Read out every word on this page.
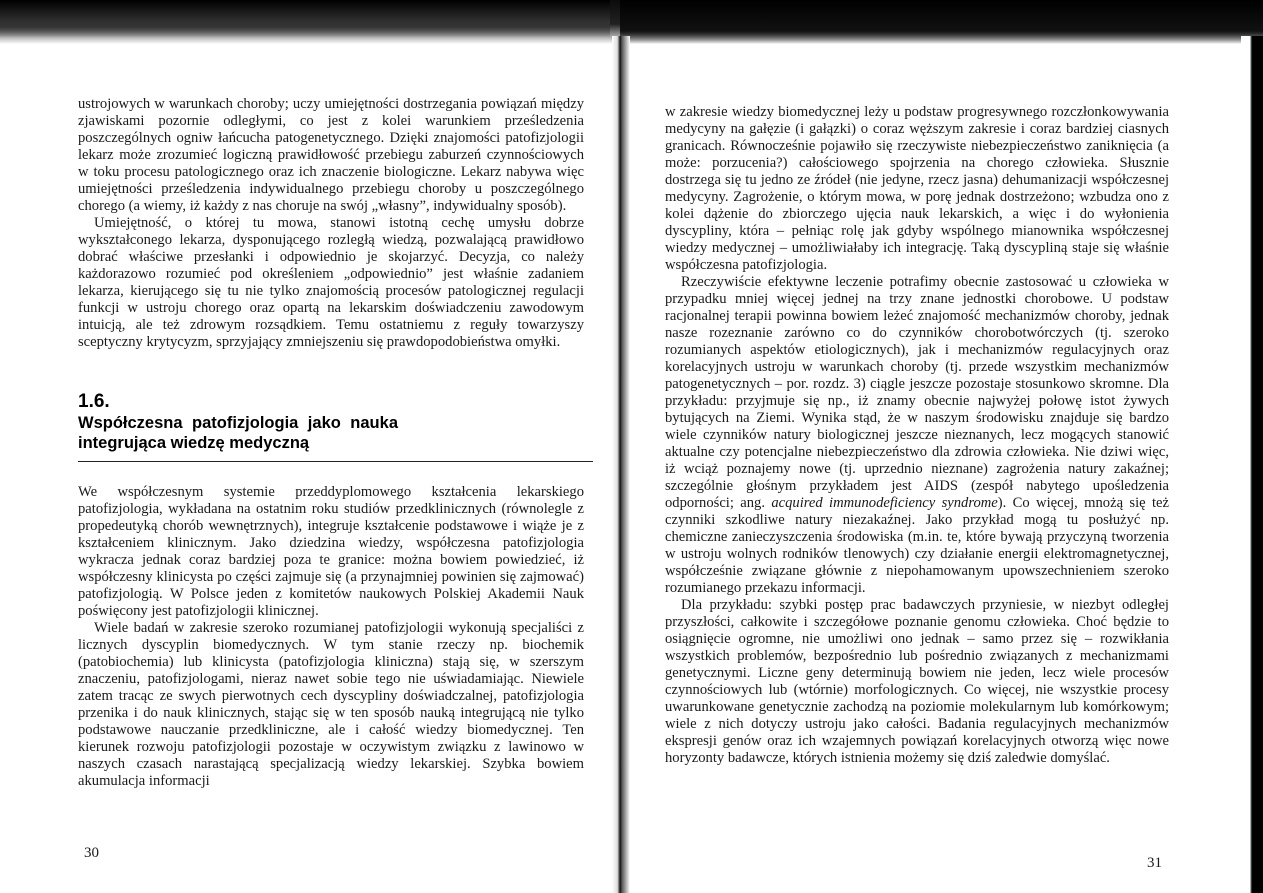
ustrojowych w warunkach choroby; uczy umiejętności dostrzegania powiązań między zjawiskami pozornie odległymi, co jest z kolei warunkiem prześledzenia poszczególnych ogniw łańcucha patogenetycznego. Dzięki znajomości patofizjologii lekarz może zrozumieć logiczną prawidłowość przebiegu zaburzeń czynnościowych w toku procesu patologicznego oraz ich znaczenie biologiczne. Lekarz nabywa więc umiejętności prześledzenia indywidualnego przebiegu choroby u poszczególnego chorego (a wiemy, iż każdy z nas choruje na swój „własny”, indywidualny sposób).

Umiejętność, o której tu mowa, stanowi istotną cechę umysłu dobrze wykształconego lekarza, dysponującego rozległą wiedzą, pozwalającą prawidłowo dobrać właściwe przesłanki i odpowiednio je skojarzyć. Decyzja, co należy każdorazowo rozumieć pod określeniem „odpowiednio” jest właśnie zadaniem lekarza, kierującego się tu nie tylko znajomością procesów patologicznej regulacji funkcji w ustroju chorego oraz opartą na lekarskim doświadczeniu zawodowym intuicją, ale też zdrowym rozsądkiem. Temu ostatniemu z reguły towarzyszy sceptyczny krytycyzm, sprzyjający zmniejszeniu się prawdopodobieństwa omyłki.

1.6.
Współczesna patofizjologia jako nauka integrująca wiedzę medyczną

We współczesnym systemie przeddyplomowego kształcenia lekarskiego patofizjologia, wykładana na ostatnim roku studiów przedklinicznych (równolegle z propedeutyką chorób wewnętrznych), integruje kształcenie podstawowe i wiąże je z kształceniem klinicznym. Jako dziedzina wiedzy, współczesna patofizjologia wykracza jednak coraz bardziej poza te granice: można bowiem powiedzieć, iż współczesny klinicysta po części zajmuje się (a przynajmniej powinien się zajmować) patofizjologią. W Polsce jeden z komitetów naukowych Polskiej Akademii Nauk poświęcony jest patofizjologii klinicznej.

Wiele badań w zakresie szeroko rozumianej patofizjologii wykonują specjaliści z licznych dyscyplin biomedycznych. W tym stanie rzeczy np. biochemik (patobiochemia) lub klinicysta (patofizjologia kliniczna) stają się, w szerszym znaczeniu, patofizjologami, nieraz nawet sobie tego nie uświadamiając. Niewiele zatem tracąc ze swych pierwotnych cech dyscypliny doświadczalnej, patofizjologia przenika i do nauk klinicznych, stając się w ten sposób nauką integrującą nie tylko podstawowe nauczanie przedkliniczne, ale i całość wiedzy biomedycznej. Ten kierunek rozwoju patofizjologii pozostaje w oczywistym związku z lawinowo w naszych czasach narastającą specjalizacją wiedzy lekarskiej. Szybka bowiem akumulacja informacji

30

w zakresie wiedzy biomedycznej leży u podstaw progresywnego rozczłonkowywania medycyny na gałęzie (i gałązki) o coraz węższym zakresie i coraz bardziej ciasnych granicach. Równocześnie pojawiło się rzeczywiste niebezpieczeństwo zaniknięcia (a może: porzucenia?) całościowego spojrzenia na chorego człowieka. Słusznie dostrzega się tu jedno ze źródeł (nie jedyne, rzecz jasna) dehumanizacji współczesnej medycyny. Zagrożenie, o którym mowa, w porę jednak dostrzeżono; wzbudza ono z kolei dążenie do zbiorczego ujęcia nauk lekarskich, a więc i do wyłonienia dyscypliny, która – pełniąc rolę jak gdyby wspólnego mianownika współczesnej wiedzy medycznej – umożliwiałaby ich integrację. Taką dyscypliną staje się właśnie współczesna patofizjologia.

Rzeczywiście efektywne leczenie potrafimy obecnie zastosować u człowieka w przypadku mniej więcej jednej na trzy znane jednostki chorobowe. U podstaw racjonalnej terapii powinna bowiem leżeć znajomość mechanizmów choroby, jednak nasze rozeznanie zarówno co do czynników chorobotwórczych (tj. szeroko rozumianych aspektów etiologicznych), jak i mechanizmów regulacyjnych oraz korelacyjnych ustroju w warunkach choroby (tj. przede wszystkim mechanizmów patogenetycznych – por. rozdz. 3) ciągle jeszcze pozostaje stosunkowo skromne. Dla przykładu: przyjmuje się np., iż znamy obecnie najwyżej połowę istot żywych bytujących na Ziemi. Wynika stąd, że w naszym środowisku znajduje się bardzo wiele czynników natury biologicznej jeszcze nieznanych, lecz mogących stanowić aktualne czy potencjalne niebezpieczeństwo dla zdrowia człowieka. Nie dziwi więc, iż wciąż poznajemy nowe (tj. uprzednio nieznane) zagrożenia natury zakaźnej; szczególnie głośnym przykładem jest AIDS (zespół nabytego upośledzenia odporności; ang. acquired immunodeficiency syndrome). Co więcej, mnożą się też czynniki szkodliwe natury niezakaźnej. Jako przykład mogą tu posłużyć np. chemiczne zanieczyszczenia środowiska (m.in. te, które bywają przyczyną tworzenia w ustroju wolnych rodników tlenowych) czy działanie energii elektromagnetycznej, współcześnie związane głównie z niepohamowanym upowszechnieniem szeroko rozumianego przekazu informacji.

Dla przykładu: szybki postęp prac badawczych przyniesie, w niezbyt odległej przyszłości, całkowite i szczegółowe poznanie genomu człowieka. Choć będzie to osiągnięcie ogromne, nie umożliwi ono jednak – samo przez się – rozwikłania wszystkich problemów, bezpośrednio lub pośrednio związanych z mechanizmami genetycznymi. Liczne geny determinują bowiem nie jeden, lecz wiele procesów czynnościowych lub (wtórnie) morfologicznych. Co więcej, nie wszystkie procesy uwarunkowane genetycznie zachodzą na poziomie molekularnym lub komórkowym; wiele z nich dotyczy ustroju jako całości. Badania regulacyjnych mechanizmów ekspresji genów oraz ich wzajemnych powiązań korelacyjnych otworzą więc nowe horyzonty badawcze, których istnienia możemy się dziś zaledwie domyślać.

31
